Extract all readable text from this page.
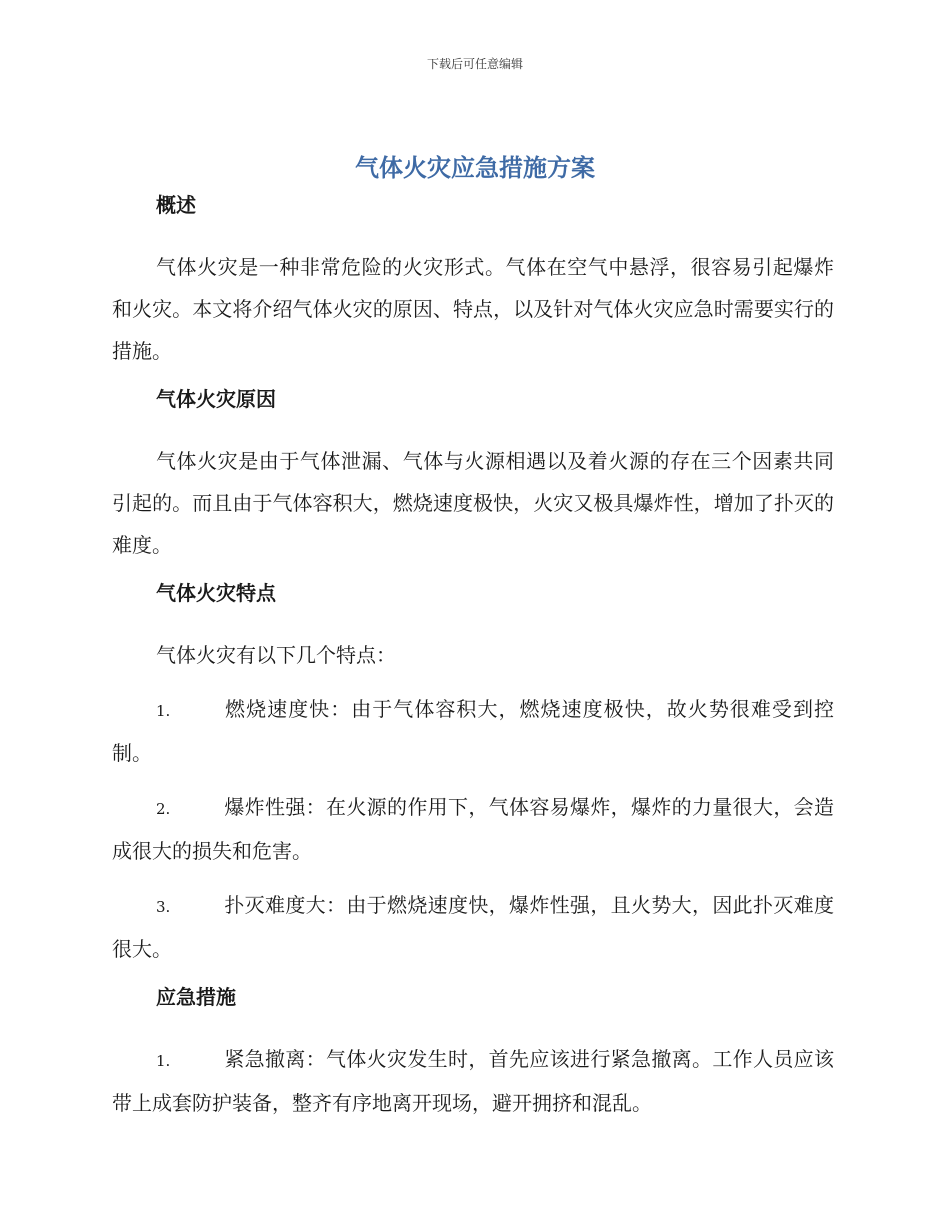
下载后可任意编辑
气体火灾应急措施方案
概述

气体火灾是一种非常危险的火灾形式。气体在空气中悬浮，很容易引起爆炸和火灾。本文将介绍气体火灾的原因、特点，以及针对气体火灾应急时需要实行的措施。

气体火灾原因

气体火灾是由于气体泄漏、气体与火源相遇以及着火源的存在三个因素共同引起的。而且由于气体容积大，燃烧速度极快，火灾又极具爆炸性，增加了扑灭的难度。

气体火灾特点

气体火灾有以下几个特点：

1.	燃烧速度快：由于气体容积大，燃烧速度极快，故火势很难受到控制。

2.	爆炸性强：在火源的作用下，气体容易爆炸，爆炸的力量很大，会造成很大的损失和危害。

3.	扑灭难度大：由于燃烧速度快，爆炸性强，且火势大，因此扑灭难度很大。

应急措施

1.	紧急撤离：气体火灾发生时，首先应该进行紧急撤离。工作人员应该带上成套防护装备，整齐有序地离开现场，避开拥挤和混乱。
